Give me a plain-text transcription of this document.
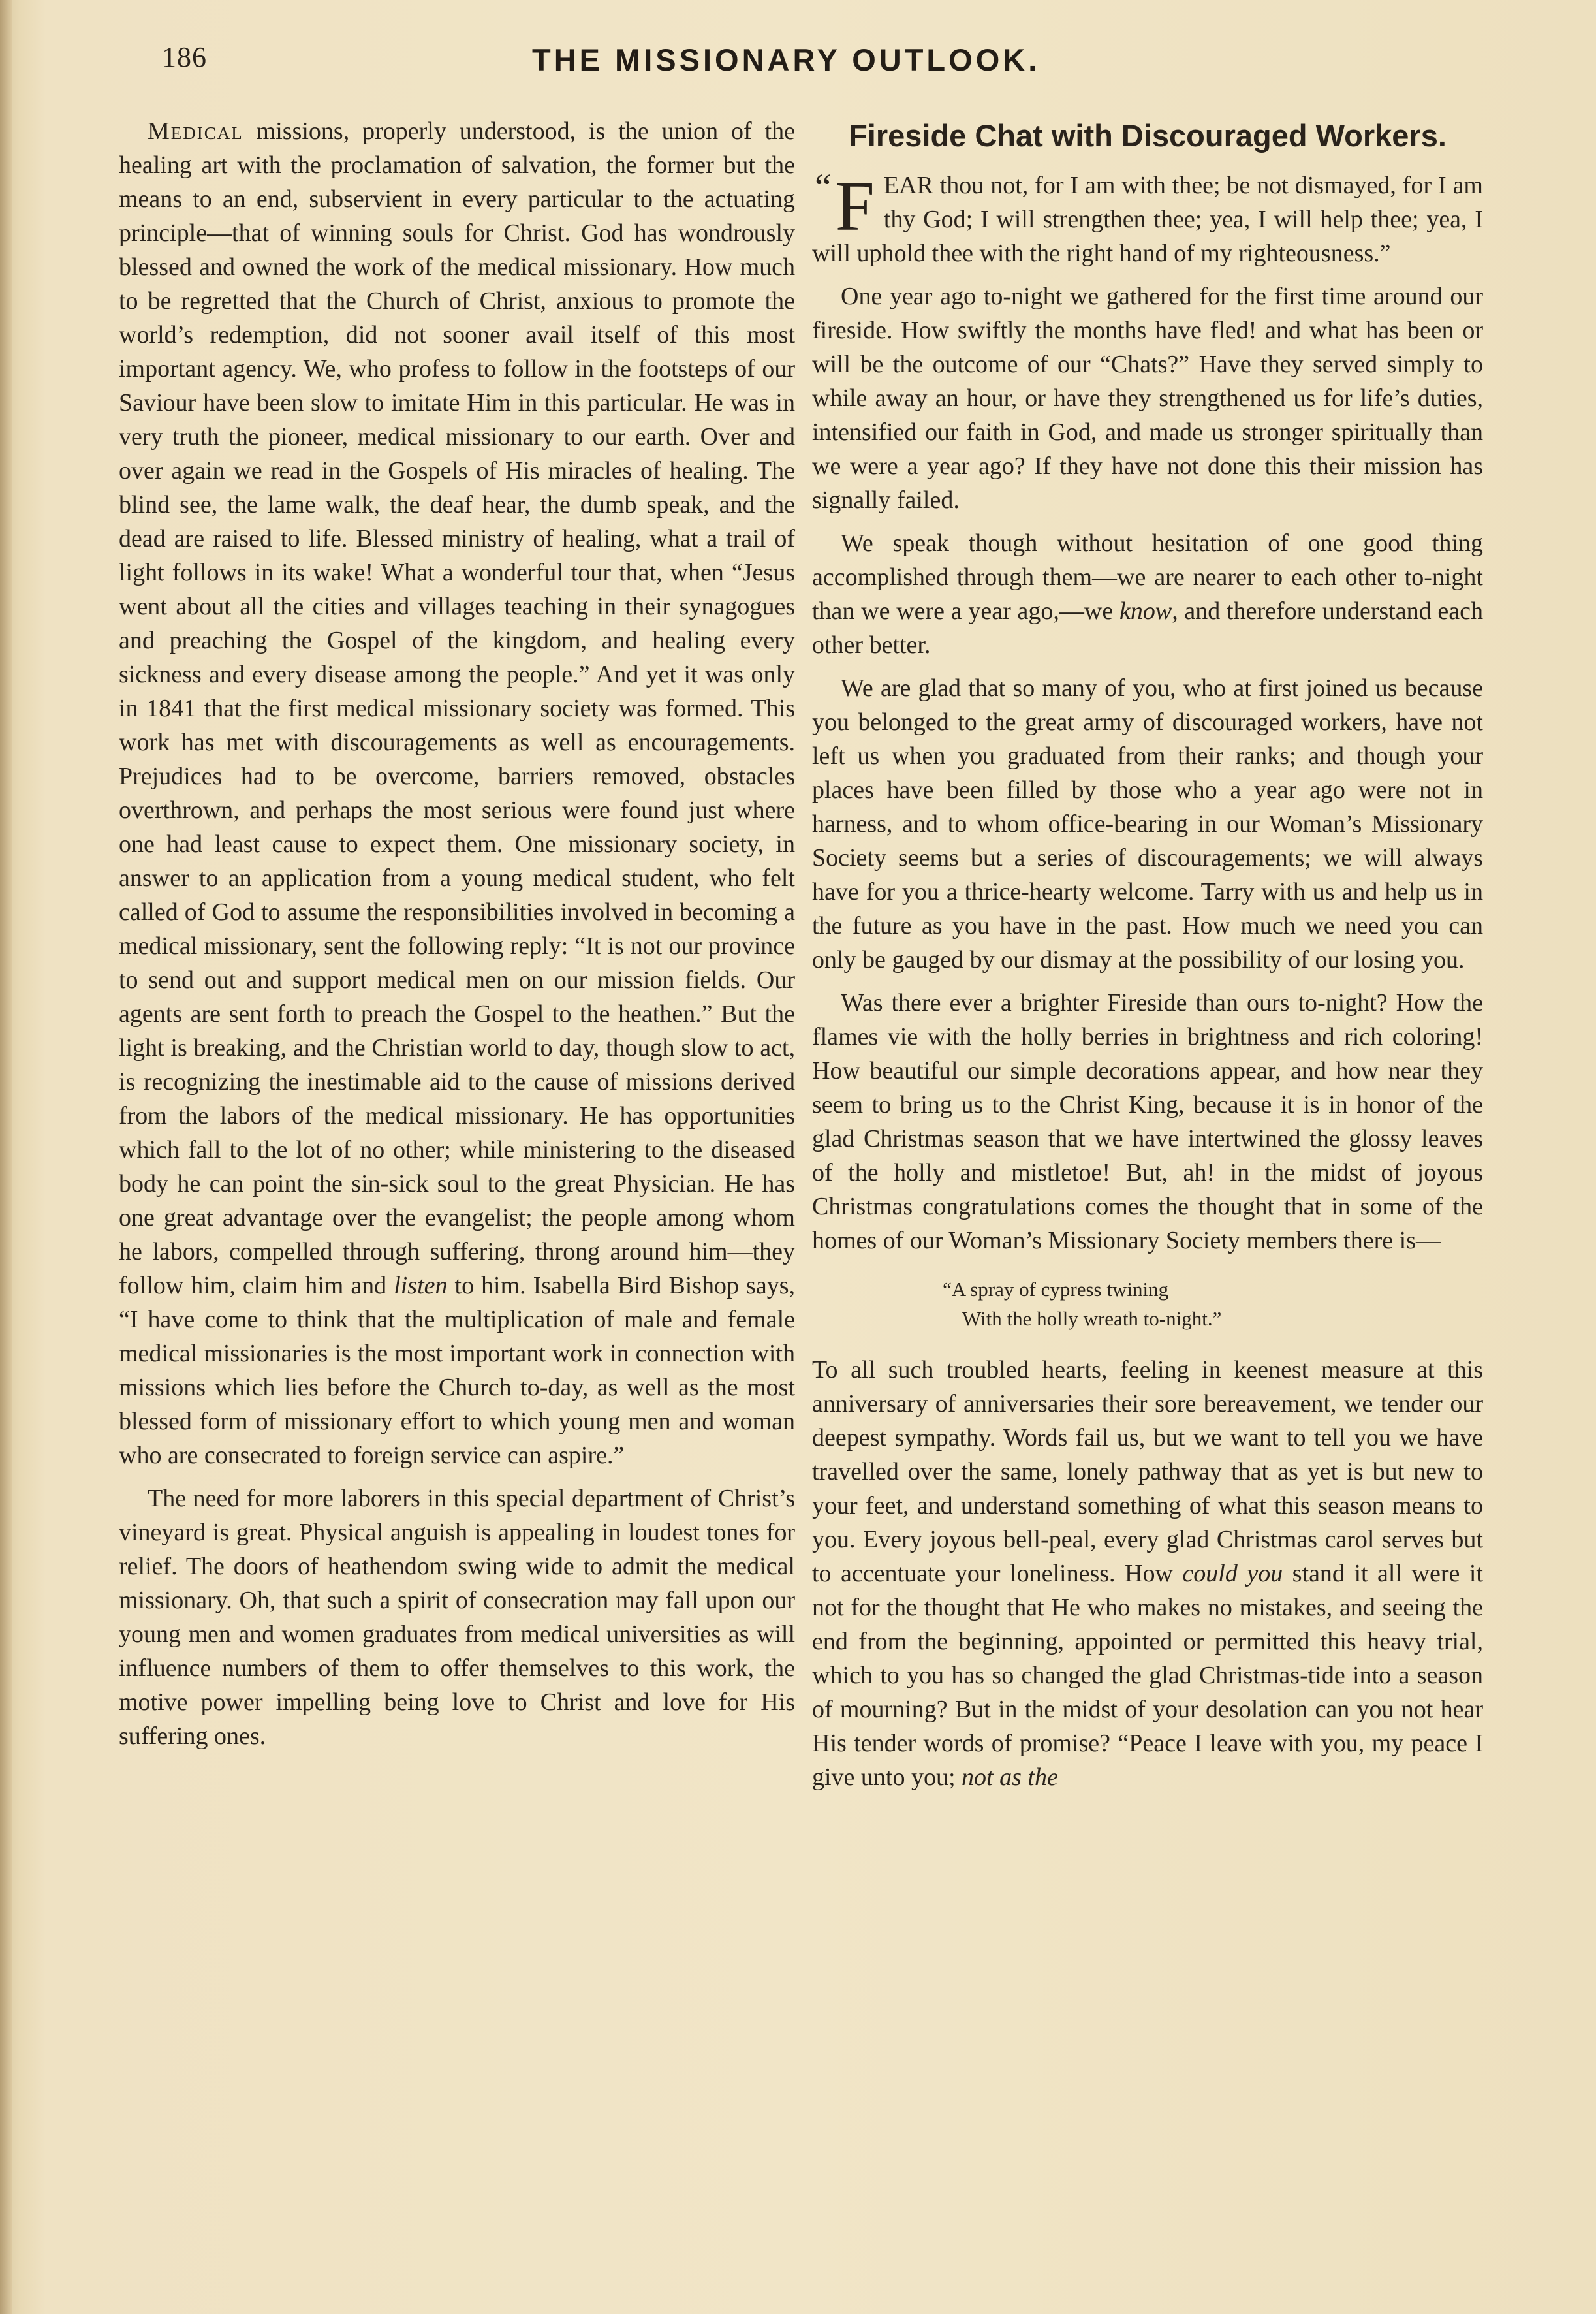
186	THE MISSIONARY OUTLOOK.

Medical missions, properly understood, is the union of the healing art with the proclamation of salvation, the former but the means to an end, subservient in every particular to the actuating principle—that of winning souls for Christ. God has wondrously blessed and owned the work of the medical missionary. How much to be regretted that the Church of Christ, anxious to promote the world’s redemption, did not sooner avail itself of this most important agency. We, who profess to follow in the footsteps of our Saviour have been slow to imitate Him in this particular. He was in very truth the pioneer, medical missionary to our earth. Over and over again we read in the Gospels of His miracles of healing. The blind see, the lame walk, the deaf hear, the dumb speak, and the dead are raised to life. Blessed ministry of healing, what a trail of light follows in its wake! What a wonderful tour that, when “Jesus went about all the cities and villages teaching in their synagogues and preaching the Gospel of the kingdom, and healing every sickness and every disease among the people.” And yet it was only in 1841 that the first medical missionary society was formed. This work has met with discouragements as well as encouragements. Prejudices had to be overcome, barriers removed, obstacles overthrown, and perhaps the most serious were found just where one had least cause to expect them. One missionary society, in answer to an application from a young medical student, who felt called of God to assume the responsibilities involved in becoming a medical missionary, sent the following reply: “It is not our province to send out and support medical men on our mission fields. Our agents are sent forth to preach the Gospel to the heathen.” But the light is breaking, and the Christian world to day, though slow to act, is recognizing the inestimable aid to the cause of missions derived from the labors of the medical missionary. He has opportunities which fall to the lot of no other; while ministering to the diseased body he can point the sin-sick soul to the great Physician. He has one great advantage over the evangelist; the people among whom he labors, compelled through suffering, throng around him—they follow him, claim him and listen to him. Isabella Bird Bishop says, “I have come to think that the multiplication of male and female medical missionaries is the most important work in connection with missions which lies before the Church to-day, as well as the most blessed form of missionary effort to which young men and woman who are consecrated to foreign service can aspire.”

The need for more laborers in this special department of Christ’s vineyard is great. Physical anguish is appealing in loudest tones for relief. The doors of heathendom swing wide to admit the medical missionary. Oh, that such a spirit of consecration may fall upon our young men and women graduates from medical universities as will influence numbers of them to offer themselves to this work, the motive power impelling being love to Christ and love for His suffering ones.

Fireside Chat with Discouraged Workers.

“ F EAR thou not, for I am with thee; be not dismayed, for I am thy God; I will strengthen thee; yea, I will help thee; yea, I will uphold thee with the right hand of my righteousness.”

One year ago to-night we gathered for the first time around our fireside. How swiftly the months have fled! and what has been or will be the outcome of our “Chats?” Have they served simply to while away an hour, or have they strengthened us for life’s duties, intensified our faith in God, and made us stronger spiritually than we were a year ago? If they have not done this their mission has signally failed.

We speak though without hesitation of one good thing accomplished through them—we are nearer to each other to-night than we were a year ago,—we know, and therefore understand each other better.

We are glad that so many of you, who at first joined us because you belonged to the great army of discouraged workers, have not left us when you graduated from their ranks; and though your places have been filled by those who a year ago were not in harness, and to whom office-bearing in our Woman’s Missionary Society seems but a series of discouragements; we will always have for you a thrice-hearty welcome. Tarry with us and help us in the future as you have in the past. How much we need you can only be gauged by our dismay at the possibility of our losing you.

Was there ever a brighter Fireside than ours to-night? How the flames vie with the holly berries in brightness and rich coloring! How beautiful our simple decorations appear, and how near they seem to bring us to the Christ King, because it is in honor of the glad Christmas season that we have intertwined the glossy leaves of the holly and mistletoe! But, ah! in the midst of joyous Christmas congratulations comes the thought that in some of the homes of our Woman’s Missionary Society members there is—

“A spray of cypress twining
With the holly wreath to-night.”

To all such troubled hearts, feeling in keenest measure at this anniversary of anniversaries their sore bereavement, we tender our deepest sympathy. Words fail us, but we want to tell you we have travelled over the same, lonely pathway that as yet is but new to your feet, and understand something of what this season means to you. Every joyous bell-peal, every glad Christmas carol serves but to accentuate your loneliness. How could you stand it all were it not for the thought that He who makes no mistakes, and seeing the end from the beginning, appointed or permitted this heavy trial, which to you has so changed the glad Christmas-tide into a season of mourning? But in the midst of your desolation can you not hear His tender words of promise? “Peace I leave with you, my peace I give unto you; not as the
